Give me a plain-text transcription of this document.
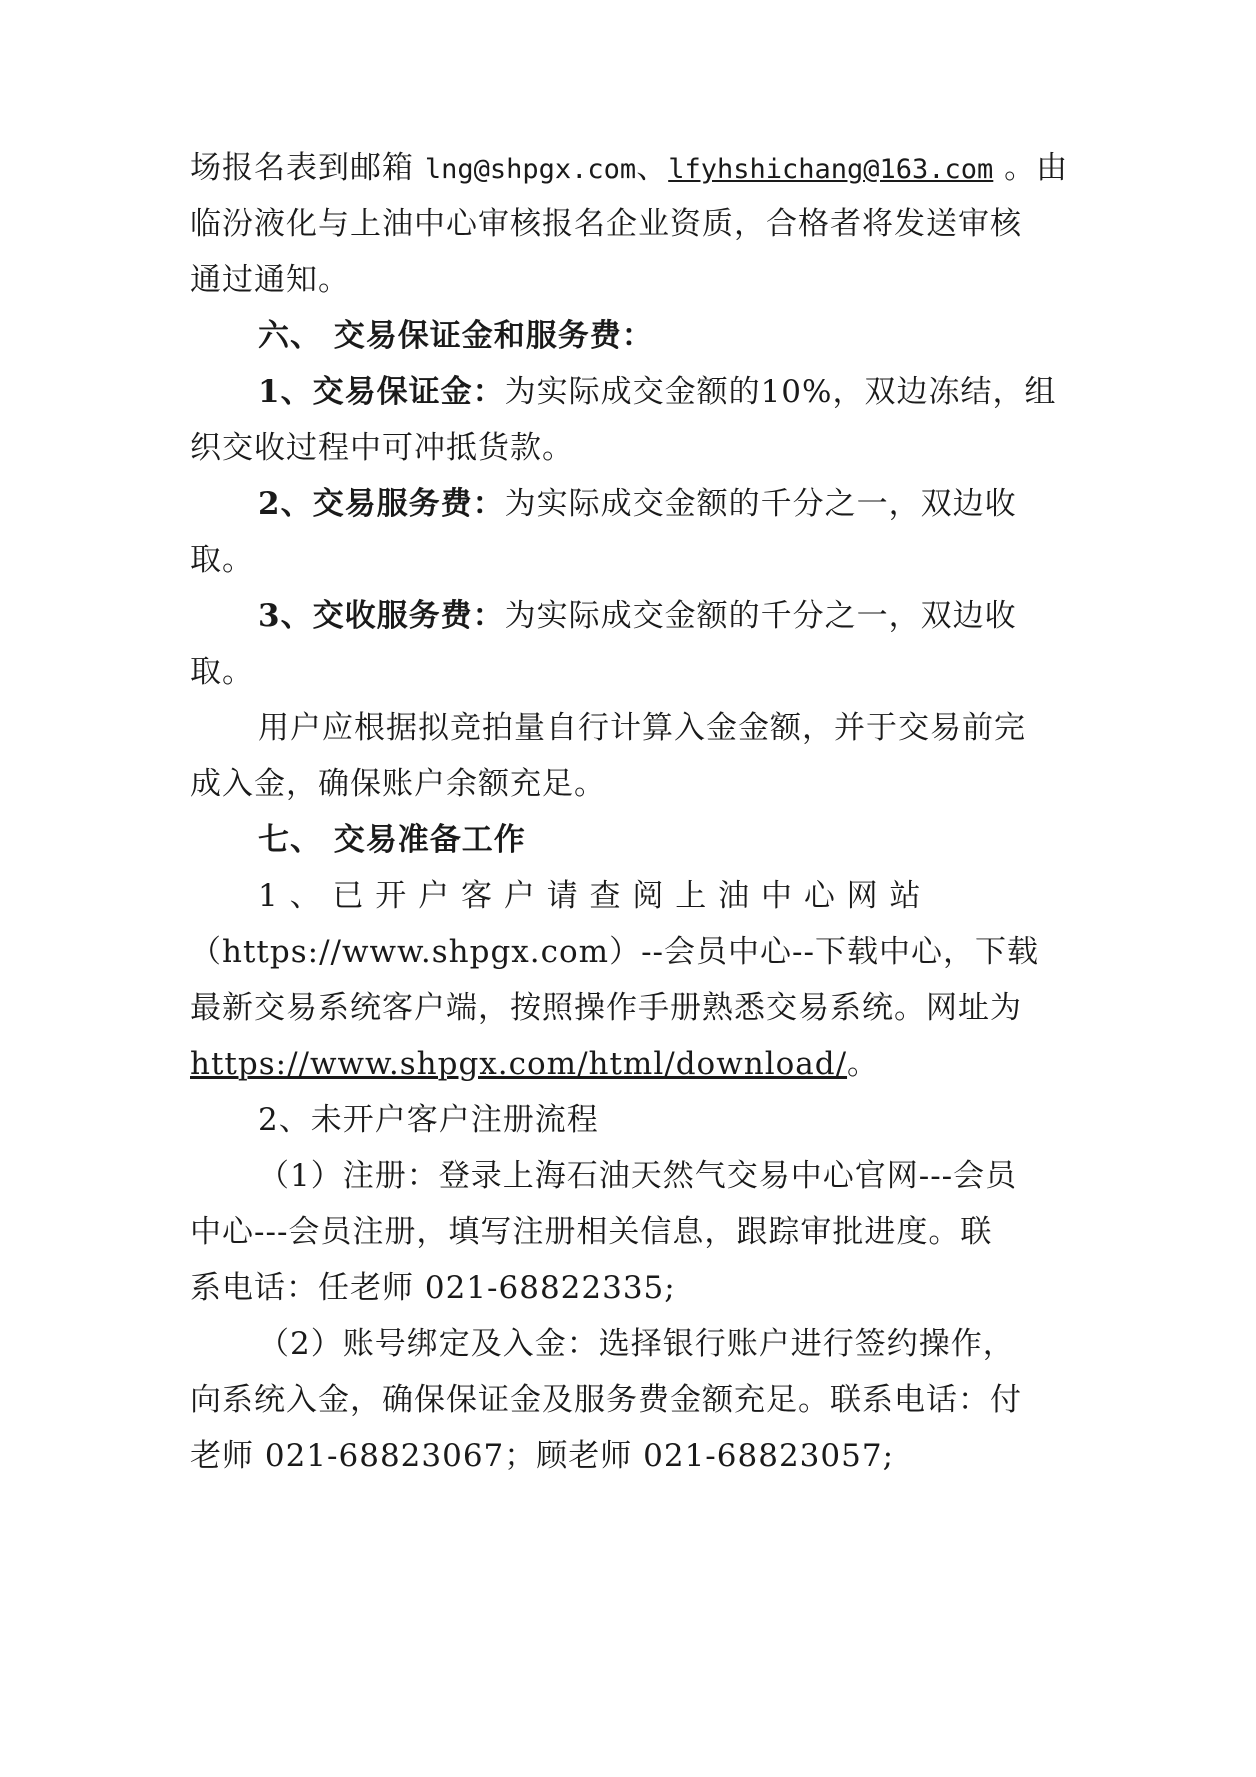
场报名表到邮箱 lng@shpgx.com、lfyhshichang@163.com 。由
临汾液化与上油中心审核报名企业资质，合格者将发送审核
通过通知。
六、 交易保证金和服务费：
1、交易保证金：为实际成交金额的10%，双边冻结，组
织交收过程中可冲抵货款。
2、交易服务费：为实际成交金额的千分之一，双边收
取。
3、交收服务费：为实际成交金额的千分之一，双边收
取。
用户应根据拟竞拍量自行计算入金金额，并于交易前完
成入金，确保账户余额充足。
七、 交易准备工作
1 、 已 开 户 客 户 请 查 阅 上 油 中 心 网 站
（https://www.shpgx.com）--会员中心--下载中心，下载
最新交易系统客户端，按照操作手册熟悉交易系统。网址为
https://www.shpgx.com/html/download/。
2、未开户客户注册流程
（1）注册：登录上海石油天然气交易中心官网---会员
中心---会员注册，填写注册相关信息，跟踪审批进度。联
系电话：任老师 021-68822335;
（2）账号绑定及入金：选择银行账户进行签约操作，
向系统入金，确保保证金及服务费金额充足。联系电话：付
老师 021-68823067；顾老师 021-68823057;
